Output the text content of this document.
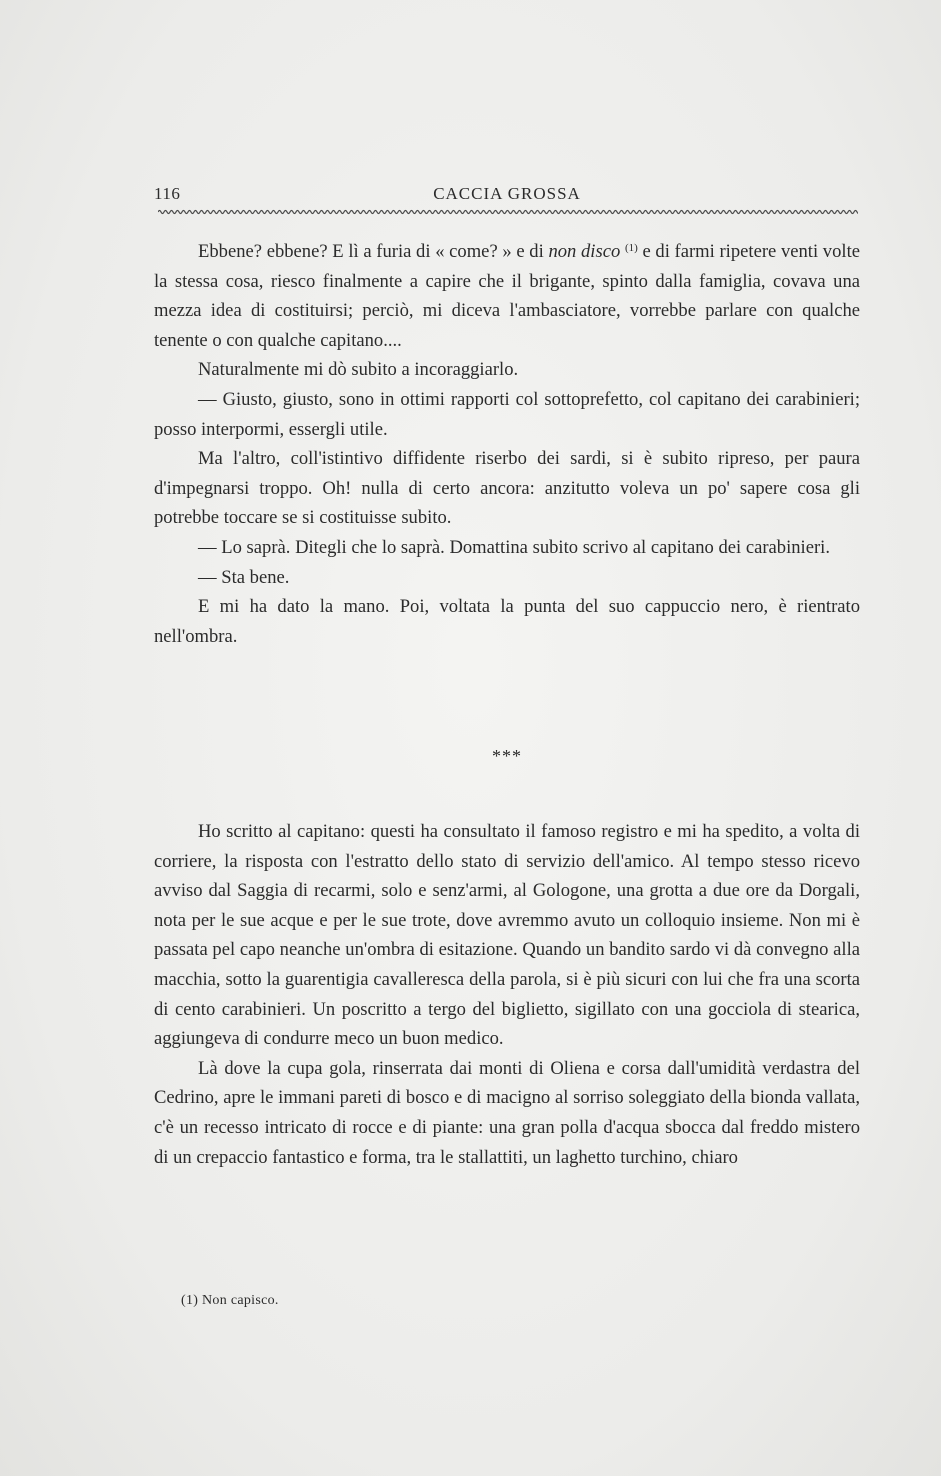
116	CACCIA GROSSA

Ebbene? ebbene? E lì a furia di « come? » e di non disco $^{(1)}$ e di farmi ripetere venti volte la stessa cosa, riesco finalmente a capire che il brigante, spinto dalla famiglia, covava una mezza idea di costituirsi; perciò, mi diceva l'ambasciatore, vorrebbe parlare con qualche tenente o con qualche capitano....

Naturalmente mi dò subito a incoraggiarlo.

— Giusto, giusto, sono in ottimi rapporti col sottoprefetto, col capitano dei carabinieri; posso interpormi, essergli utile.

Ma l'altro, coll'istintivo diffidente riserbo dei sardi, si è subito ripreso, per paura d'impegnarsi troppo. Oh! nulla di certo ancora: anzitutto voleva un po' sapere cosa gli potrebbe toccare se si costituisse subito.

— Lo saprà. Ditegli che lo saprà. Domattina subito scrivo al capitano dei carabinieri.

— Sta bene.

E mi ha dato la mano. Poi, voltata la punta del suo cappuccio nero, è rientrato nell'ombra.

***

Ho scritto al capitano: questi ha consultato il famoso registro e mi ha spedito, a volta di corriere, la risposta con l'estratto dello stato di servizio dell'amico. Al tempo stesso ricevo avviso dal Saggia di recarmi, solo e senz'armi, al Gologone, una grotta a due ore da Dorgali, nota per le sue acque e per le sue trote, dove avremmo avuto un colloquio insieme. Non mi è passata pel capo neanche un'ombra di esitazione. Quando un bandito sardo vi dà convegno alla macchia, sotto la guarentigia cavalleresca della parola, si è più sicuri con lui che fra una scorta di cento carabinieri. Un poscritto a tergo del biglietto, sigillato con una gocciola di stearica, aggiungeva di condurre meco un buon medico.

Là dove la cupa gola, rinserrata dai monti di Oliena e corsa dall'umidità verdastra del Cedrino, apre le immani pareti di bosco e di macigno al sorriso soleggiato della bionda vallata, c'è un recesso intricato di rocce e di piante: una gran polla d'acqua sbocca dal freddo mistero di un crepaccio fantastico e forma, tra le stallattiti, un laghetto turchino, chiaro

(1) Non capisco.
